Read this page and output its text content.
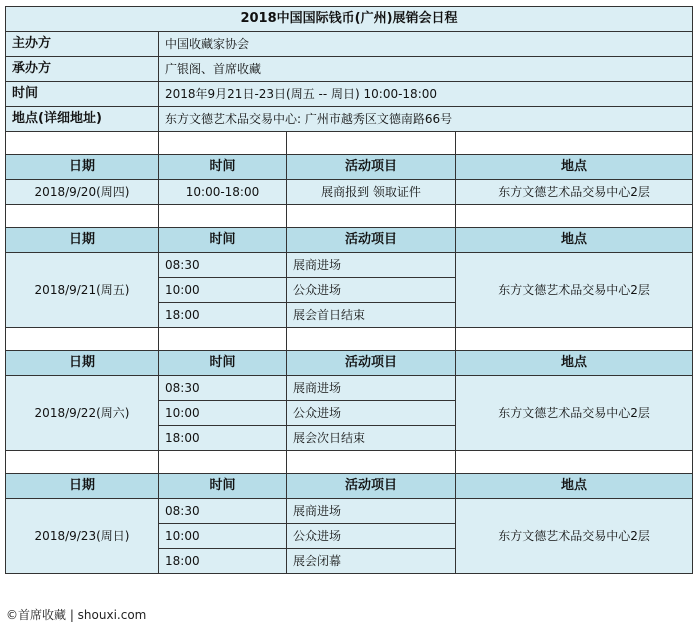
2018中国国际钱币(广州)展销会日程			
主办方	中国收藏家协会		
承办方	广银阁、首席收藏		
时间	2018年9月21日-23日(周五 -- 周日) 10:00-18:00		
地点(详细地址)	东方文德艺术品交易中心: 广州市越秀区文德南路66号		

日期	时间	活动项目	地点
2018/9/20(周四)	10:00-18:00	展商报到 领取证件	东方文德艺术品交易中心2层

日期	时间	活动项目	地点
2018/9/21(周五)	08:30	展商进场	东方文德艺术品交易中心2层
	10:00	公众进场	
	18:00	展会首日结束	

日期	时间	活动项目	地点
2018/9/22(周六)	08:30	展商进场	东方文德艺术品交易中心2层
	10:00	公众进场	
	18:00	展会次日结束	

日期	时间	活动项目	地点
2018/9/23(周日)	08:30	展商进场	东方文德艺术品交易中心2层
	10:00	公众进场	
	18:00	展会闭幕	
©首席收藏 | shouxi.com
